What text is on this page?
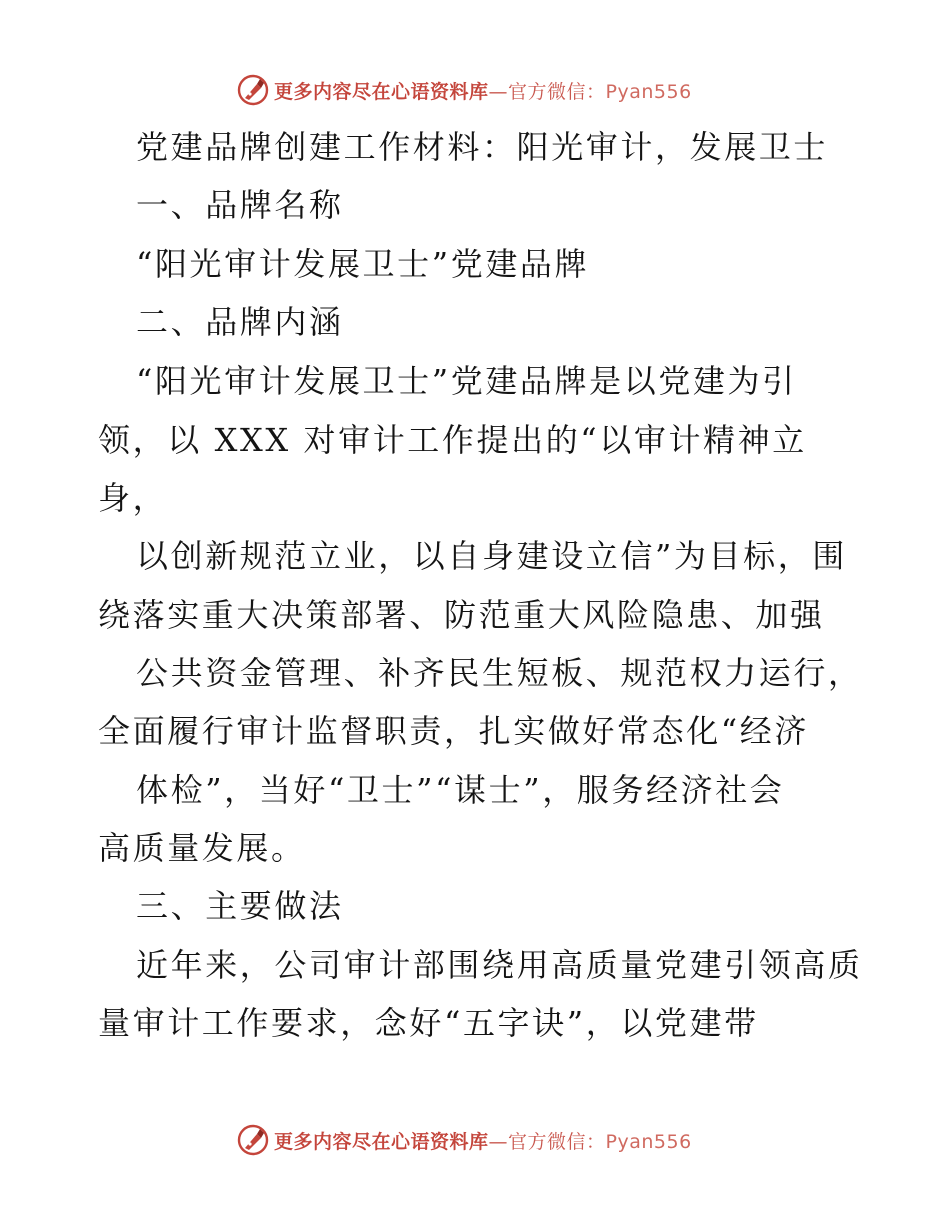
更多内容尽在心语资料库—官方微信：Pyan556
党建品牌创建工作材料：阳光审计，发展卫士
一、品牌名称
“阳光审计发展卫士”党建品牌
二、品牌内涵
“阳光审计发展卫士”党建品牌是以党建为引
领，以 XXX 对审计工作提出的“以审计精神立
身，
以创新规范立业，以自身建设立信”为目标，围
绕落实重大决策部署、防范重大风险隐患、加强
公共资金管理、补齐民生短板、规范权力运行，
全面履行审计监督职责，扎实做好常态化“经济
体检”，当好“卫士”“谋士”，服务经济社会
高质量发展。
三、主要做法
近年来，公司审计部围绕用高质量党建引领高质
量审计工作要求，念好“五字诀”，以党建带
更多内容尽在心语资料库—官方微信：Pyan556
